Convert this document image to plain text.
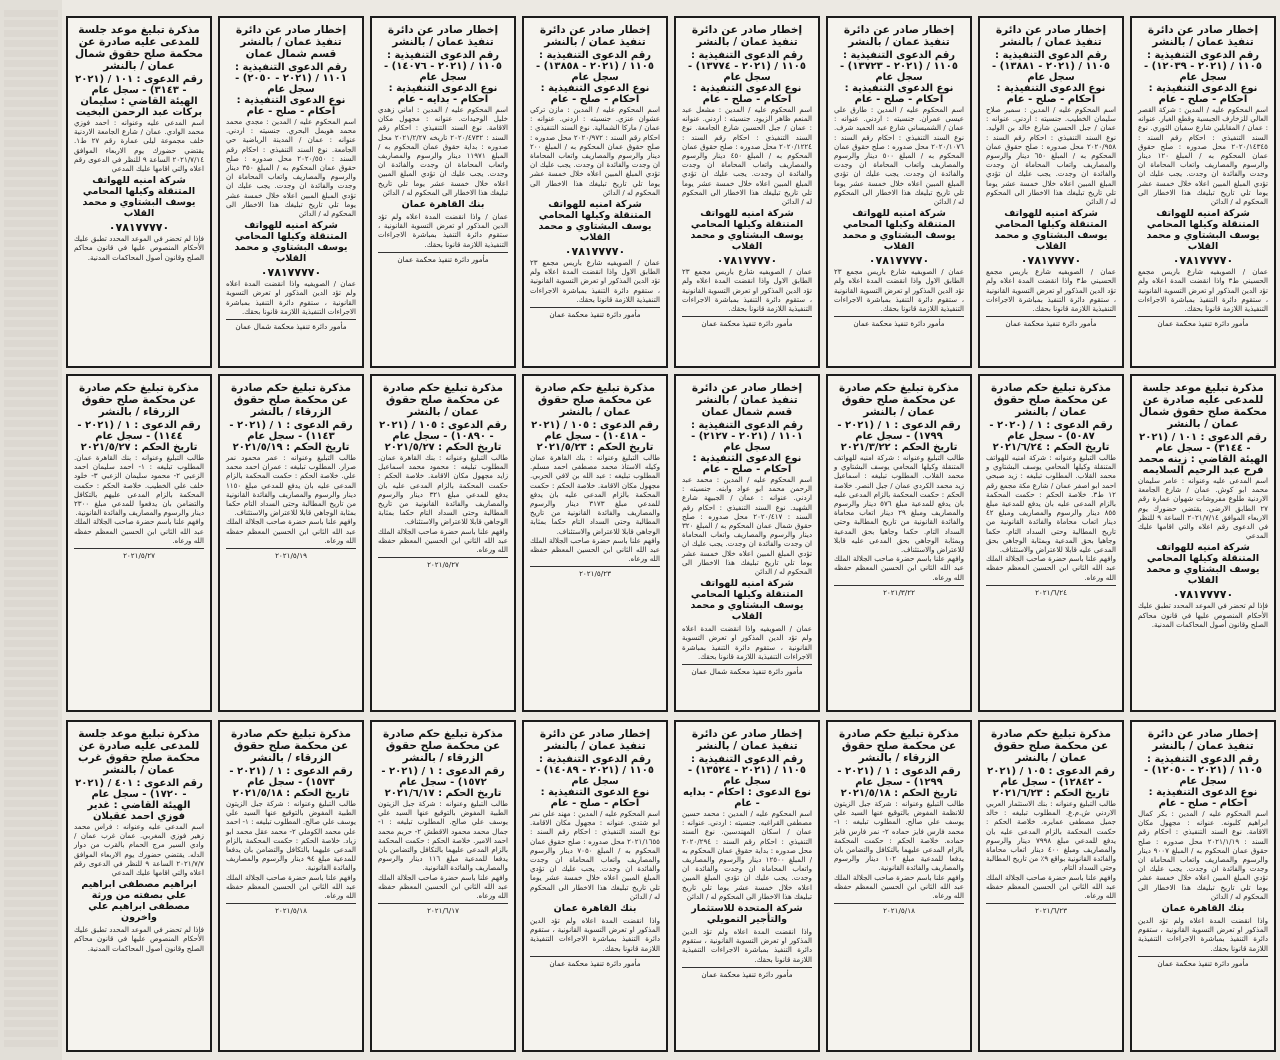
إخطار صادر عن دائرة تنفيذ عمان / بالنشر
رقم الدعوى التنفيذية : ١١٠٥ / (٢٠٢١ - ١٢٠٣٩) - سجل عام
نوع الدعوى التنفيذية : احكام - صلح - عام
اسم المحكوم عليه / المدين : شركة القصر العالي للزخارف الجبسية وقطع الغيار. عنوانه : عمان / المقابلين شارع سفيان الثوري. نوع السند التنفيذي : احكام رقم السند : ٢٠٢٠/١٤٣٤٥ محل صدوره : صلح حقوق عمان المحكوم به / المبلغ ١٢٠ دينار والرسوم والمصاريف واتعاب المحاماة ان وجدت والفائدة ان وجدت. يجب عليك ان تؤدي المبلغ المبين اعلاه خلال خمسة عشر يوما تلي تاريخ تبليغك هذا الاخطار الى المحكوم له / الدائن
شركة امنيه للهواتف المتنقلة وكيلها المحامي يوسف البشتاوي و محمد القلاب
٠٧٨١٧٧٧٧٠
عمان / الصويفيه شارع باريس مجمع الحسيني ط٣ واذا انقضت المدة اعلاه ولم تؤد الدين المذكور او تعرض التسوية القانونية ، ستقوم دائرة التنفيذ بمباشرة الاجراءات التنفيذية اللازمة قانونا بحقك.
مأمور دائرة تنفيذ محكمة عمان
إخطار صادر عن دائرة تنفيذ عمان / بالنشر
رقم الدعوى التنفيذية : ١١٠٥ / (٢٠٢١ - ١٣٨٨١) - سجل عام
نوع الدعوى التنفيذية : احكام - صلح - عام
اسم المحكوم عليه / المدين : سمير صلاح سليمان الخطيب. جنسيته : اردني. عنوانه : عمان / جبل الحسين شارع خالد بن الوليد. نوع السند التنفيذي : احكام رقم السند : ٢٠٢٠/٩٥٨ محل صدوره : صلح حقوق عمان المحكوم به / المبلغ ٦٥٠ دينار والرسوم والمصاريف واتعاب المحاماة ان وجدت والفائدة ان وجدت. يجب عليك ان تؤدي المبلغ المبين اعلاه خلال خمسة عشر يوما تلي تاريخ تبليغك هذا الاخطار الى المحكوم له / الدائن
شركة امنيه للهواتف المتنقلة وكيلها المحامي يوسف البشتاوي و محمد القلاب
٠٧٨١٧٧٧٧٠
عمان / الصويفيه شارع باريس مجمع الحسيني ط٣ واذا انقضت المدة اعلاه ولم تؤد الدين المذكور او تعرض التسوية القانونية ، ستقوم دائرة التنفيذ بمباشرة الاجراءات التنفيذية اللازمة قانونا بحقك.
مأمور دائرة تنفيذ محكمة عمان
إخطار صادر عن دائرة تنفيذ عمان / بالنشر
رقم الدعوى التنفيذية : ١١٠٥ / (٢٠٢١ - ١٣٧٢٣) - سجل عام
نوع الدعوى التنفيذية : احكام - صلح - عام
اسم المحكوم عليه / المدين : طارق علي عيسى عمران. جنسيته : اردني. عنوانه : عمان / الشميساني شارع عبد الحميد شرف. نوع السند التنفيذي : احكام رقم السند : ٢٠٢٠/١٠٧٦ محل صدوره : صلح حقوق عمان المحكوم به / المبلغ ٥٠٠ دينار والرسوم والمصاريف واتعاب المحاماة ان وجدت والفائدة ان وجدت. يجب عليك ان تؤدي المبلغ المبين اعلاه خلال خمسة عشر يوما تلي تاريخ تبليغك هذا الاخطار الى المحكوم له / الدائن
شركة امنيه للهواتف المتنقلة وكيلها المحامي يوسف البشتاوي و محمد القلاب
٠٧٨١٧٧٧٧٠
عمان / الصويفيه شارع باريس مجمع ٢٣ الطابق الاول واذا انقضت المدة اعلاه ولم تؤد الدين المذكور او تعرض التسوية القانونية ، ستقوم دائرة التنفيذ بمباشرة الاجراءات التنفيذية اللازمة قانونا بحقك.
مأمور دائرة تنفيذ محكمة عمان
إخطار صادر عن دائرة تنفيذ عمان / بالنشر
رقم الدعوى التنفيذية : ١١٠٥ / (٢٠٢١ - ١٣٧٧٤) - سجل عام
نوع الدعوى التنفيذية : احكام - صلح - عام
اسم المحكوم عليه / المدين : مشعل عبد المنعم ظاهر الزيود. جنسيته : اردني. عنوانه : عمان / جبل الحسين شارع الجامعة. نوع السند التنفيذي : احكام رقم السند : ٢٠٢٠/١٢٢٤ محل صدوره : صلح حقوق عمان المحكوم به / المبلغ ٤٥٠ دينار والرسوم والمصاريف واتعاب المحاماة ان وجدت والفائدة ان وجدت. يجب عليك ان تؤدي المبلغ المبين اعلاه خلال خمسة عشر يوما تلي تاريخ تبليغك هذا الاخطار الى المحكوم له / الدائن
شركة امنيه للهواتف المتنقلة وكيلها المحامي يوسف البشتاوي و محمد القلاب
٠٧٨١٧٧٧٧٠
عمان / الصويفيه شارع باريس مجمع ٢٣ الطابق الاول واذا انقضت المدة اعلاه ولم تؤد الدين المذكور او تعرض التسوية القانونية ، ستقوم دائرة التنفيذ بمباشرة الاجراءات التنفيذية اللازمة قانونا بحقك.
مأمور دائرة تنفيذ محكمة عمان
إخطار صادر عن دائرة تنفيذ عمان / بالنشر
رقم الدعوى التنفيذية : ١١٠٥ / (٢٠٢١ - ١٣٨٥٨) - سجل عام
نوع الدعوى التنفيذية : احكام - صلح - عام
اسم المحكوم عليه / المدين : مازن تركي عشوان عنزي. جنسيته : اردني. عنوانه : عمان / ماركا الشمالية. نوع السند التنفيذي : احكام رقم السند : ٢٠٢٠/٩٧٢ محل صدوره : صلح حقوق عمان المحكوم به / المبلغ ٢٠٠ دينار والرسوم والمصاريف واتعاب المحاماة ان وجدت والفائدة ان وجدت. يجب عليك ان تؤدي المبلغ المبين اعلاه خلال خمسة عشر يوما تلي تاريخ تبليغك هذا الاخطار الى المحكوم له / الدائن
شركة امنيه للهواتف المتنقلة وكيلها المحامي يوسف البشتاوي و محمد القلاب
٠٧٨١٧٧٧٧٠
عمان / الصويفيه شارع باريس مجمع ٢٣ الطابق الاول واذا انقضت المدة اعلاه ولم تؤد الدين المذكور او تعرض التسوية القانونية ، ستقوم دائرة التنفيذ بمباشرة الاجراءات التنفيذية اللازمة قانونا بحقك.
مأمور دائرة تنفيذ محكمة عمان
إخطار صادر عن دائرة تنفيذ عمان / بالنشر
رقم الدعوى التنفيذية : ١١٠٥ / (٢٠٢١ - ١٤٠٧٦) - سجل عام
نوع الدعوى التنفيذية : احكام - بدايه - عام
اسم المحكوم عليه / المدين : اماني زهدي خليل الوحيدات. عنوانه : مجهول مكان الاقامة. نوع السند التنفيذي : احكام رقم السند : ٢٠٢٠/٤٧٣٢ تاريخه ٢٠٢١/٢/٢٧ محل صدوره : بداية حقوق عمان المحكوم به / المبلغ ١١٩٧١ دينار والرسوم والمصاريف واتعاب المحاماة ان وجدت والفائدة ان وجدت. يجب عليك ان تؤدي المبلغ المبين اعلاه خلال خمسة عشر يوما تلي تاريخ تبليغك هذا الاخطار الى المحكوم له / الدائن
بنك القاهرة عمان
عمان / واذا انقضت المدة اعلاه ولم تؤد الدين المذكور او تعرض التسوية القانونية ، ستقوم دائرة التنفيذ بمباشرة الاجراءات التنفيذية اللازمة قانونا بحقك.
مأمور دائرة تنفيذ محكمة عمان
إخطار صادر عن دائرة تنفيذ عمان / بالنشر قسم شمال عمان
رقم الدعوى التنفيذية : ١١٠١ / (٢٠٢١ - ٢٠٥٠) - سجل عام
نوع الدعوى التنفيذية : احكام - صلح - عام
اسم المحكوم عليه / المدين : مجدي محمد محمد هويمل البحري. جنسيته : اردني. عنوانه : عمان / المدينة الرياضية حي الجامعة. نوع السند التنفيذي : احكام رقم السند : ٢٠٢٠/٥٥٠ محل صدوره : صلح حقوق عمان المحكوم به / المبلغ ٣٥٠ دينار والرسوم والمصاريف واتعاب المحاماة ان وجدت والفائدة ان وجدت. يجب عليك ان تؤدي المبلغ المبين اعلاه خلال خمسة عشر يوما تلي تاريخ تبليغك هذا الاخطار الى المحكوم له / الدائن
شركة امنيه للهواتف المتنقلة وكيلها المحامي يوسف البشتاوي و محمد القلاب
٠٧٨١٧٧٧٧٠
عمان / الصويفيه واذا انقضت المدة اعلاه ولم تؤد الدين المذكور او تعرض التسوية القانونية ، ستقوم دائرة التنفيذ بمباشرة الاجراءات التنفيذية اللازمة قانونا بحقك.
مأمور دائرة تنفيذ محكمة شمال عمان
مذكرة تبليغ موعد جلسة للمدعى عليه صادرة عن محكمة صلح حقوق شمال عمان / بالنشر
رقم الدعوى : ١٠١ / (٢٠٢١ - ٣١٤٣) - سجل عام
الهيئة القاضي : سليمان بركات عبد الرحمن البخيت
اسم المدعى عليه وعنوانه : احمد فوزي محمد الوادي. عمان / شارع الجامعة الاردنية خلف مجموعة ليلى عمارة رقم ٢٧ ط١. يقتضي حضورك يوم الاربعاء الموافق ٢٠٢١/٧/١٤ الساعة ٩ للنظر في الدعوى رقم اعلاه والتي اقامها عليك المدعي
شركة امنيه للهواتف المتنقلة وكيلها المحامي يوسف البشتاوي و محمد القلاب
٠٧٨١٧٧٧٧٠
فإذا لم تحضر في الموعد المحدد تطبق عليك الأحكام المنصوص عليها في قانون محاكم الصلح وقانون أصول المحاكمات المدنية.
مذكرة تبليغ موعد جلسة للمدعى عليه صادرة عن محكمة صلح حقوق شمال عمان / بالنشر
رقم الدعوى : ١٠١ / (٢٠٢١ - ٣١٤٤) - سجل عام
الهيئة القاضي : زينه محمد فرح عبد الرحيم السلايمه
اسم المدعى عليه وعنوانه : عامر سليمان محمد ابو كوش. عمان / شارع الجامعة الاردنية طلوع مفروشات شهوان عمارة رقم ٢٧ الطابق الارضي. يقتضي حضورك يوم الاربعاء الموافق ٢٠٢١/٧/١٤ الساعة ٩ للنظر في الدعوى رقم اعلاه والتي اقامها عليك المدعي
شركة امنيه للهواتف المتنقلة وكيلها المحامي يوسف البشتاوي و محمد القلاب
٠٧٨١٧٧٧٧٠
فإذا لم تحضر في الموعد المحدد تطبق عليك الأحكام المنصوص عليها في قانون محاكم الصلح وقانون أصول المحاكمات المدنية.
مذكرة تبليغ حكم صادرة عن محكمة صلح حقوق عمان / بالنشر
رقم الدعوى : ١ / (٢٠٢٠ - ٥٠٨٧) - سجل عام
تاريخ الحكم : ٢٠٢١/٦/٢٤
طالب التبليغ وعنوانه : شركة امنيه للهواتف المتنقلة وكيلها المحامي يوسف البشتاوي و محمد القلاب. المطلوب تبليغه : زيد صبحي احمد ابو اصفر عمان / شارع مكة مجمع رقم ١٢ ط٣. خلاصة الحكم : حكمت المحكمة بالزام المدعى عليه بان يدفع للمدعية مبلغ ٨٥٥ دينار والرسوم والمصاريف ومبلغ ٤٢ دينار اتعاب محاماة والفائدة القانونية من تاريخ المطالبة وحتى السداد التام. حكما وجاهيا بحق المدعية وبمثابة الوجاهي بحق المدعى عليه قابلا للاعتراض والاستئناف.
وافهم علنا باسم حضرة صاحب الجلالة الملك عبد الله الثاني ابن الحسين المعظم حفظه الله ورعاه.
٢٠٢١/٦/٢٤
مذكرة تبليغ حكم صادرة عن محكمة صلح حقوق عمان / بالنشر
رقم الدعوى : ١ / (٢٠٢١ - ١٧٩٩) - سجل عام
تاريخ الحكم : ٢٠٢١/٣/٢٢
طالب التبليغ وعنوانه : شركة امنيه للهواتف المتنقلة وكيلها المحامي يوسف البشتاوي و محمد القلاب. المطلوب تبليغه : اسماعيل زيد محمد الكردي عمان / جبل النصر. خلاصة الحكم : حكمت المحكمة بالزام المدعى عليه بان يدفع للمدعية مبلغ ٥٧٦ دينار والرسوم والمصاريف ومبلغ ٢٩ دينار اتعاب محاماة والفائدة القانونية من تاريخ المطالبة وحتى السداد التام. حكما وجاهيا بحق المدعية وبمثابة الوجاهي بحق المدعى عليه قابلا للاعتراض والاستئناف.
وافهم علنا باسم حضرة صاحب الجلالة الملك عبد الله الثاني ابن الحسين المعظم حفظه الله ورعاه.
٢٠٢١/٣/٢٢
إخطار صادر عن دائرة تنفيذ عمان / بالنشر قسم شمال عمان
رقم الدعوى التنفيذية : ١١٠١ / (٢٠٢١ - ٢١٢٧) - سجل عام
نوع الدعوى التنفيذية : احكام - صلح - عام
اسم المحكوم عليه / المدين : محمد عبد الرحمن محمد ابو عواد وابنه. جنسيته : اردني. عنوانه : عمان / الجبيهة شارع الشهيد. نوع السند التنفيذي : احكام رقم السند : ٢٠٢٠/٤١٧ محل صدوره : صلح حقوق شمال عمان المحكوم به / المبلغ ٣٢٠ دينار والرسوم والمصاريف واتعاب المحاماة ان وجدت والفائدة ان وجدت. يجب عليك ان تؤدي المبلغ المبين اعلاه خلال خمسة عشر يوما تلي تاريخ تبليغك هذا الاخطار الى المحكوم له / الدائن
شركة امنيه للهواتف المتنقلة وكيلها المحامي يوسف البشتاوي و محمد القلاب
عمان / الصويفيه واذا انقضت المدة اعلاه ولم تؤد الدين المذكور او تعرض التسوية القانونية ، ستقوم دائرة التنفيذ بمباشرة الاجراءات التنفيذية اللازمة قانونا بحقك.
مأمور دائرة تنفيذ محكمة شمال عمان
مذكرة تبليغ حكم صادرة عن محكمة صلح حقوق عمان / بالنشر
رقم الدعوى : ١٠٥ / (٢٠٢١ - ١٠٤١٨) - سجل عام
تاريخ الحكم : ٢٠٢١/٥/٢٣
طالب التبليغ وعنوانه : بنك القاهرة عمان وكيله الاستاذ محمد مصطفى احمد مسلم. المطلوب تبليغه : عبد الله بن لافي الحربي. مجهول مكان الاقامة. خلاصة الحكم : حكمت المحكمة بالزام المدعى عليه بان يدفع للمدعي مبلغ ٣١٧٣ دينار والرسوم والمصاريف والفائدة القانونية من تاريخ المطالبة وحتى السداد التام حكما بمثابة الوجاهي قابلا للاعتراض والاستئناف.
وافهم علنا باسم حضرة صاحب الجلالة الملك عبد الله الثاني ابن الحسين المعظم حفظه الله ورعاه.
٢٠٢١/٥/٢٣
مذكرة تبليغ حكم صادرة عن محكمة صلح حقوق عمان / بالنشر
رقم الدعوى : ١٠٥ / (٢٠٢١ - ١٠٨٩٠) - سجل عام
تاريخ الحكم : ٢٠٢١/٥/٢٧
طالب التبليغ وعنوانه : بنك القاهرة عمان. المطلوب تبليغه : محمود محمد اسماعيل زايد مجهول مكان الاقامة. خلاصة الحكم : حكمت المحكمة بالزام المدعى عليه بان يدفع للمدعي مبلغ ٣٢١ دينار والرسوم والمصاريف والفائدة القانونية من تاريخ المطالبة وحتى السداد التام حكما بمثابة الوجاهي قابلا للاعتراض والاستئناف.
وافهم علنا باسم حضرة صاحب الجلالة الملك عبد الله الثاني ابن الحسين المعظم حفظه الله ورعاه.
٢٠٢١/٥/٢٧
مذكرة تبليغ حكم صادرة عن محكمة صلح حقوق الزرقاء / بالنشر
رقم الدعوى : ١ / (٢٠٢١ - ١١٤٣) - سجل عام
تاريخ الحكم : ٢٠٢١/٥/١٩
طالب التبليغ وعنوانه : عمر محمود نمر صرار. المطلوب تبليغه : عمران احمد محمد علي. خلاصة الحكم : حكمت المحكمة بالزام المدعى عليه بان يدفع للمدعي مبلغ ١١٥٠ دينار والرسوم والمصاريف والفائدة القانونية من تاريخ المطالبة وحتى السداد التام حكما بمثابة الوجاهي قابلا للاعتراض والاستئناف.
وافهم علنا باسم حضرة صاحب الجلالة الملك عبد الله الثاني ابن الحسين المعظم حفظه الله ورعاه.
٢٠٢١/٥/١٩
مذكرة تبليغ حكم صادرة عن محكمة صلح حقوق الزرقاء / بالنشر
رقم الدعوى : ١ / (٢٠٢١ - ١١٤٤) - سجل عام
تاريخ الحكم : ٢٠٢١/٥/٢٧
طالب التبليغ وعنوانه : بنك القاهرة عمان. المطلوب تبليغه : ١- احمد سليمان احمد الزعبي ٢- محمود سليمان الزعبي ٣- خلود خلف علي الخطيب. خلاصة الحكم : حكمت المحكمة بالزام المدعى عليهم بالتكافل والتضامن بان يدفعوا للمدعي مبلغ ٢٣٠٠ دينار والرسوم والمصاريف والفائدة القانونية.
وافهم علنا باسم حضرة صاحب الجلالة الملك عبد الله الثاني ابن الحسين المعظم حفظه الله ورعاه.
٢٠٢١/٥/٢٧
إخطار صادر عن دائرة تنفيذ عمان / بالنشر
رقم الدعوى التنفيذية : ١١٠٥ / (٢٠٢١ - ١٢٠٥٠) - سجل عام
نوع الدعوى التنفيذية : احكام - صلح - عام
اسم المحكوم عليه / المدين : بكر كمال ابراهيم كلبونه. عنوانه : مجهول مكان الاقامة. نوع السند التنفيذي : احكام رقم السند : ٢٠٢١/١/١٩ محل صدوره : صلح حقوق عمان المحكوم به / المبلغ ٩٠٠٧ دينار والرسوم والمصاريف واتعاب المحاماة ان وجدت والفائدة ان وجدت. يجب عليك ان تؤدي المبلغ المبين اعلاه خلال خمسة عشر يوما تلي تاريخ تبليغك هذا الاخطار الى المحكوم له / الدائن
بنك القاهرة عمان
واذا انقضت المدة اعلاه ولم تؤد الدين المذكور او تعرض التسوية القانونية ، ستقوم دائرة التنفيذ بمباشرة الاجراءات التنفيذية اللازمة قانونا بحقك.
مأمور دائرة تنفيذ محكمة عمان
مذكرة تبليغ حكم صادرة عن محكمة صلح حقوق عمان / بالنشر
رقم الدعوى : ١٠٥ / (٢٠٢١ - ١٢٨٤٢) - سجل عام
تاريخ الحكم : ٢٠٢١/٦/٢٣
طالب التبليغ وعنوانه : بنك الاستثمار العربي الاردني ش.م.ع. المطلوب تبليغه : خالد جميل مصطفى عمايره. خلاصة الحكم : حكمت المحكمة بالزام المدعى عليه بان يدفع للمدعي مبلغ ٧٩٩٨ دينار والرسوم والمصاريف ومبلغ ٤٠٠ دينار اتعاب محاماة والفائدة القانونية بواقع ٩٪ من تاريخ المطالبة وحتى السداد التام.
وافهم علنا باسم حضرة صاحب الجلالة الملك عبد الله الثاني ابن الحسين المعظم حفظه الله ورعاه.
٢٠٢١/٦/٢٣
مذكرة تبليغ حكم صادرة عن محكمة صلح حقوق الزرقاء / بالنشر
رقم الدعوى : ١ / (٢٠٢١ - ١٢٩٩) - سجل عام
تاريخ الحكم : ٢٠٢١/٥/١٨
طالب التبليغ وعنوانه : شركة جبل الزيتون للانظمة المفوض بالتوقيع عنها السيد علي يوسف علي صالح. المطلوب تبليغه : ١- محمد فارس فايز حماده ٢- نمر فارس فايز حماده. خلاصة الحكم : حكمت المحكمة بالزام المدعى عليهما بالتكافل والتضامن بان يدفعا للمدعية مبلغ ١٠٢ دينار والرسوم والمصاريف والفائدة القانونية.
وافهم علنا باسم حضرة صاحب الجلالة الملك عبد الله الثاني ابن الحسين المعظم حفظه الله ورعاه.
٢٠٢١/٥/١٨
إخطار صادر عن دائرة تنفيذ عمان / بالنشر
رقم الدعوى التنفيذية : ١١٠٥ / (٢٠٢١ - ١٣٥٢٤) - سجل عام
نوع الدعوى : احكام - بدايه - عام
اسم المحكوم عليه / المدين : محمد حسين مصطفى القراغيه. جنسيته : اردني. عنوانه : عمان / اسكان المهندسين. نوع السند التنفيذي : احكام رقم السند : ٢٠٢٠/٢٩٤ محل صدوره : بداية حقوق عمان المحكوم به / المبلغ ١٢٥٠٠ دينار والرسوم والمصاريف واتعاب المحاماة ان وجدت والفائدة ان وجدت. يجب عليك ان تؤدي المبلغ المبين اعلاه خلال خمسة عشر يوما تلي تاريخ تبليغك هذا الاخطار الى المحكوم له / الدائن
شركة المتحدة للاستثمار والتأجير التمويلي
واذا انقضت المدة اعلاه ولم تؤد الدين المذكور او تعرض التسوية القانونية ، ستقوم دائرة التنفيذ بمباشرة الاجراءات التنفيذية اللازمة قانونا بحقك.
مأمور دائرة تنفيذ محكمة عمان
إخطار صادر عن دائرة تنفيذ عمان / بالنشر
رقم الدعوى التنفيذية : ١١٠٥ / (٢٠٢١ - ١٤٠٨٩) - سجل عام
نوع الدعوى التنفيذية : احكام - صلح - عام
اسم المحكوم عليه / المدين : مهند علي نمر ابو شتدي. عنوانه : مجهول مكان الاقامة. نوع السند التنفيذي : احكام رقم السند : ٢٠٢١/١٦٥٥ محل صدوره : صلح حقوق عمان المحكوم به / المبلغ ٧٠٥٠ دينار والرسوم والمصاريف واتعاب المحاماة ان وجدت والفائدة ان وجدت. يجب عليك ان تؤدي المبلغ المبين اعلاه خلال خمسة عشر يوما تلي تاريخ تبليغك هذا الاخطار الى المحكوم له / الدائن
بنك القاهرة عمان
واذا انقضت المدة اعلاه ولم تؤد الدين المذكور او تعرض التسوية القانونية ، ستقوم دائرة التنفيذ بمباشرة الاجراءات التنفيذية اللازمة قانونا بحقك.
مأمور دائرة تنفيذ محكمة عمان
مذكرة تبليغ حكم صادرة عن محكمة صلح حقوق الزرقاء / بالنشر
رقم الدعوى : ١ / (٢٠٢١ - ١٥٧٢) - سجل عام
تاريخ الحكم : ٢٠٢١/٦/١٧
طالب التبليغ وعنوانه : شركة جبل الزيتون الطبية المفوض بالتوقيع عنها السيد علي يوسف علي صالح. المطلوب تبليغه : ١- جمال محمد محمود الاقطش ٢- حريم محمد احمد الامير. خلاصة الحكم : حكمت المحكمة بالزام المدعى عليهما بالتكافل والتضامن بان يدفعا للمدعية مبلغ ١١٦ دينار والرسوم والمصاريف والفائدة القانونية.
وافهم علنا باسم حضرة صاحب الجلالة الملك عبد الله الثاني ابن الحسين المعظم حفظه الله ورعاه.
٢٠٢١/٦/١٧
مذكرة تبليغ حكم صادرة عن محكمة صلح حقوق الزرقاء / بالنشر
رقم الدعوى : ١ / (٢٠٢١ - ١٥٧٣) - سجل عام
تاريخ الحكم : ٢٠٢١/٥/١٨
طالب التبليغ وعنوانه : شركة جبل الزيتون الطبية المفوض بالتوقيع عنها السيد علي يوسف علي صالح. المطلوب تبليغه : ١- احمد علي محمد الكوملي ٢- محمد عقل محمد ابو زياد. خلاصة الحكم : حكمت المحكمة بالزام المدعى عليهما بالتكافل والتضامن بان يدفعا للمدعية مبلغ ٩٤ دينار والرسوم والمصاريف والفائدة القانونية.
وافهم علنا باسم حضرة صاحب الجلالة الملك عبد الله الثاني ابن الحسين المعظم حفظه الله ورعاه.
٢٠٢١/٥/١٨
مذكرة تبليغ موعد جلسة للمدعى عليه صادرة عن محكمة صلح حقوق غرب عمان / بالنشر
رقم الدعوى : ٤٠١ / (٢٠٢١ - ١٧٢٠) - سجل عام
الهيئة القاضي : غدير فوزي احمد عقبلان
اسم المدعى عليه وعنوانه : فراس محمد زهير فوزي المغربي. عمان غرب عمان / وادي السير مرج الحمام بالقرب من دوار الدله. يقتضي حضورك يوم الاربعاء الموافق ٢٠٢١/٧/٧ الساعة ٩ للنظر في الدعوى رقم اعلاه والتي اقامها عليك المدعي
ابراهيم مصطفى ابراهيم علي بصفته من ورثة مصطفى ابراهيم علي واخرون
فإذا لم تحضر في الموعد المحدد تطبق عليك الأحكام المنصوص عليها في قانون محاكم الصلح وقانون أصول المحاكمات المدنية.
